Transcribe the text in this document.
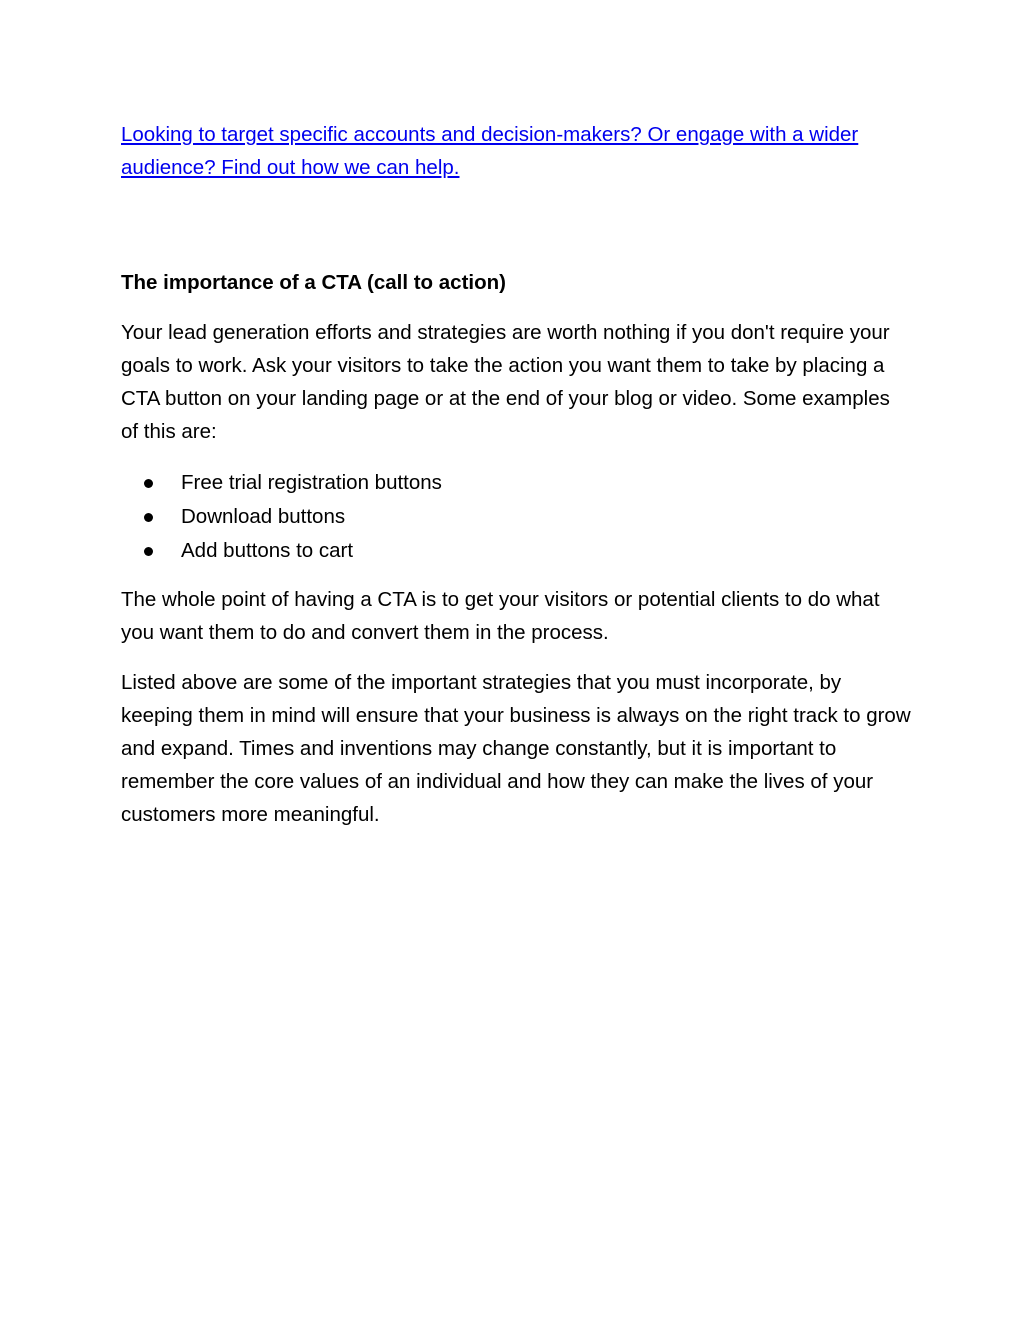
Looking to target specific accounts and decision-makers? Or engage with a wider audience? Find out how we can help.
The importance of a CTA (call to action)

Your lead generation efforts and strategies are worth nothing if you don't require your goals to work. Ask your visitors to take the action you want them to take by placing a CTA button on your landing page or at the end of your blog or video. Some examples of this are:

Free trial registration buttons
Download buttons
Add buttons to cart

The whole point of having a CTA is to get your visitors or potential clients to do what you want them to do and convert them in the process.

Listed above are some of the important strategies that you must incorporate, by keeping them in mind will ensure that your business is always on the right track to grow and expand. Times and inventions may change constantly, but it is important to remember the core values of an individual and how they can make the lives of your customers more meaningful.
